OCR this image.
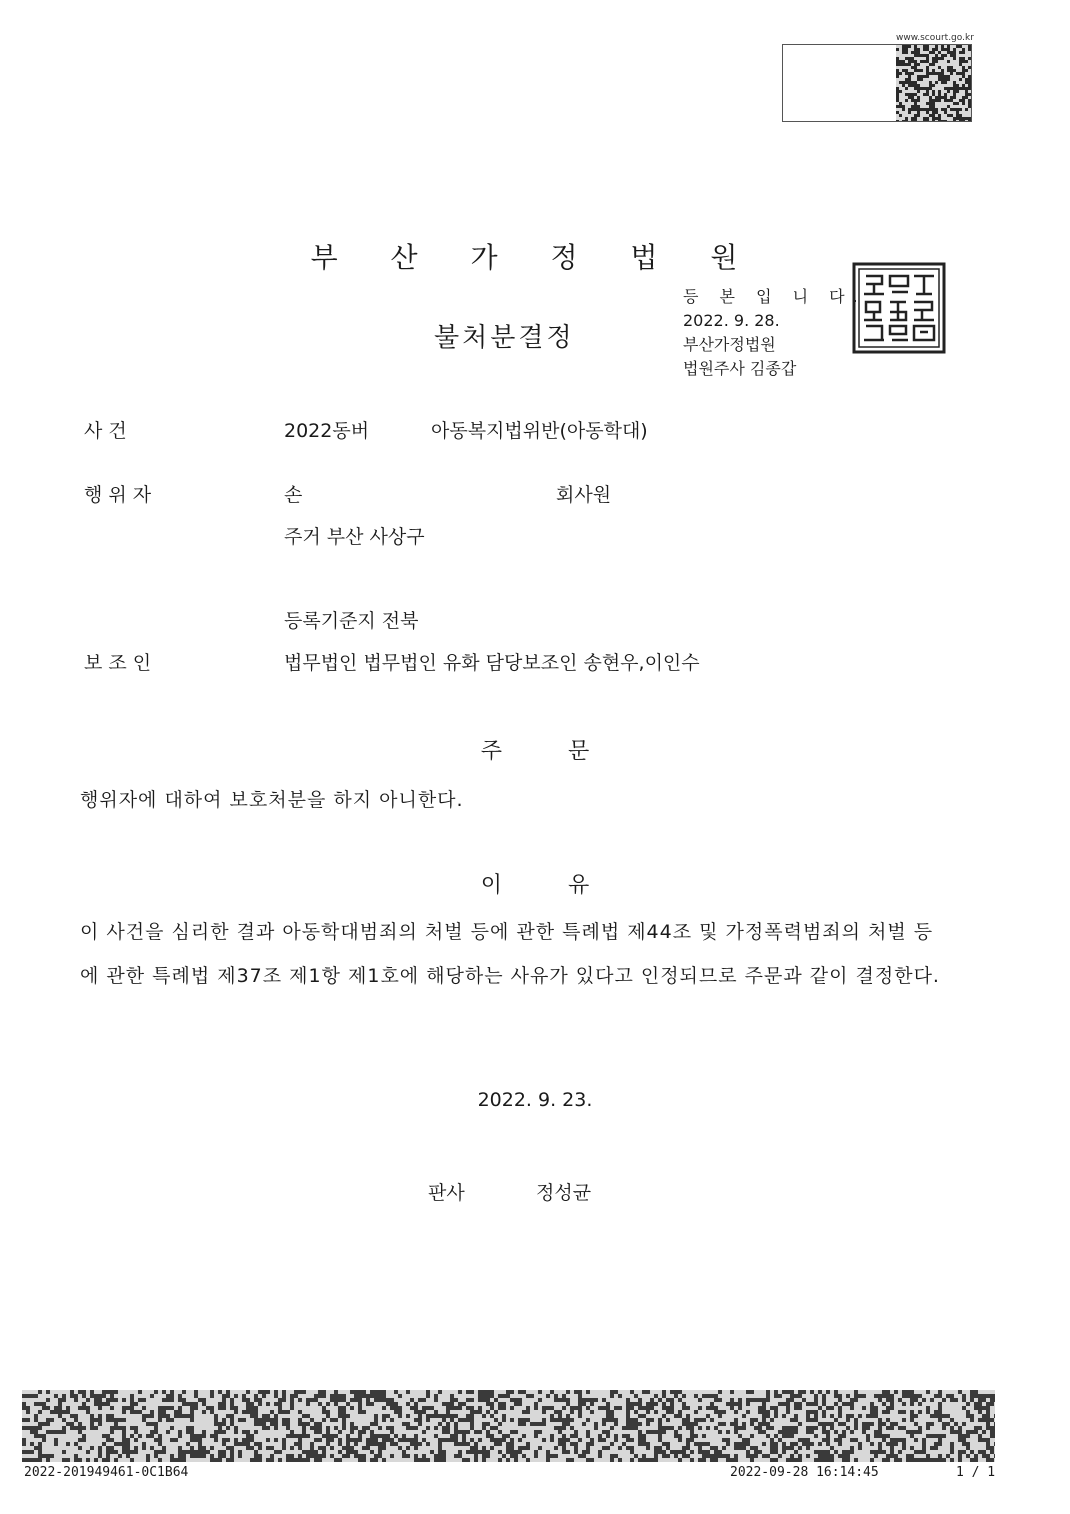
www.scourt.go.kr
부 산 가 정 법 원
불처분결정
등 본 입 니 다.
2022. 9. 28.
부산가정법원
법원주사 김종갑
사 건	2022동버	아동복지법위반(아동학대)
행 위 자	손	회사원
주거 부산 사상구
등록기준지 전북
보 조 인	법무법인 법무법인 유화 담당보조인 송현우,이인수
주문
행위자에 대하여 보호처분을 하지 아니한다.
이유
이 사건을 심리한 결과 아동학대범죄의 처벌 등에 관한 특례법 제44조 및 가정폭력범죄의 처벌 등에 관한 특례법 제37조 제1항 제1호에 해당하는 사유가 있다고 인정되므로 주문과 같이 결정한다.
2022. 9. 23.
판사	정성균
2022-201949461-0C1B64	2022-09-28 16:14:45	1 / 1
